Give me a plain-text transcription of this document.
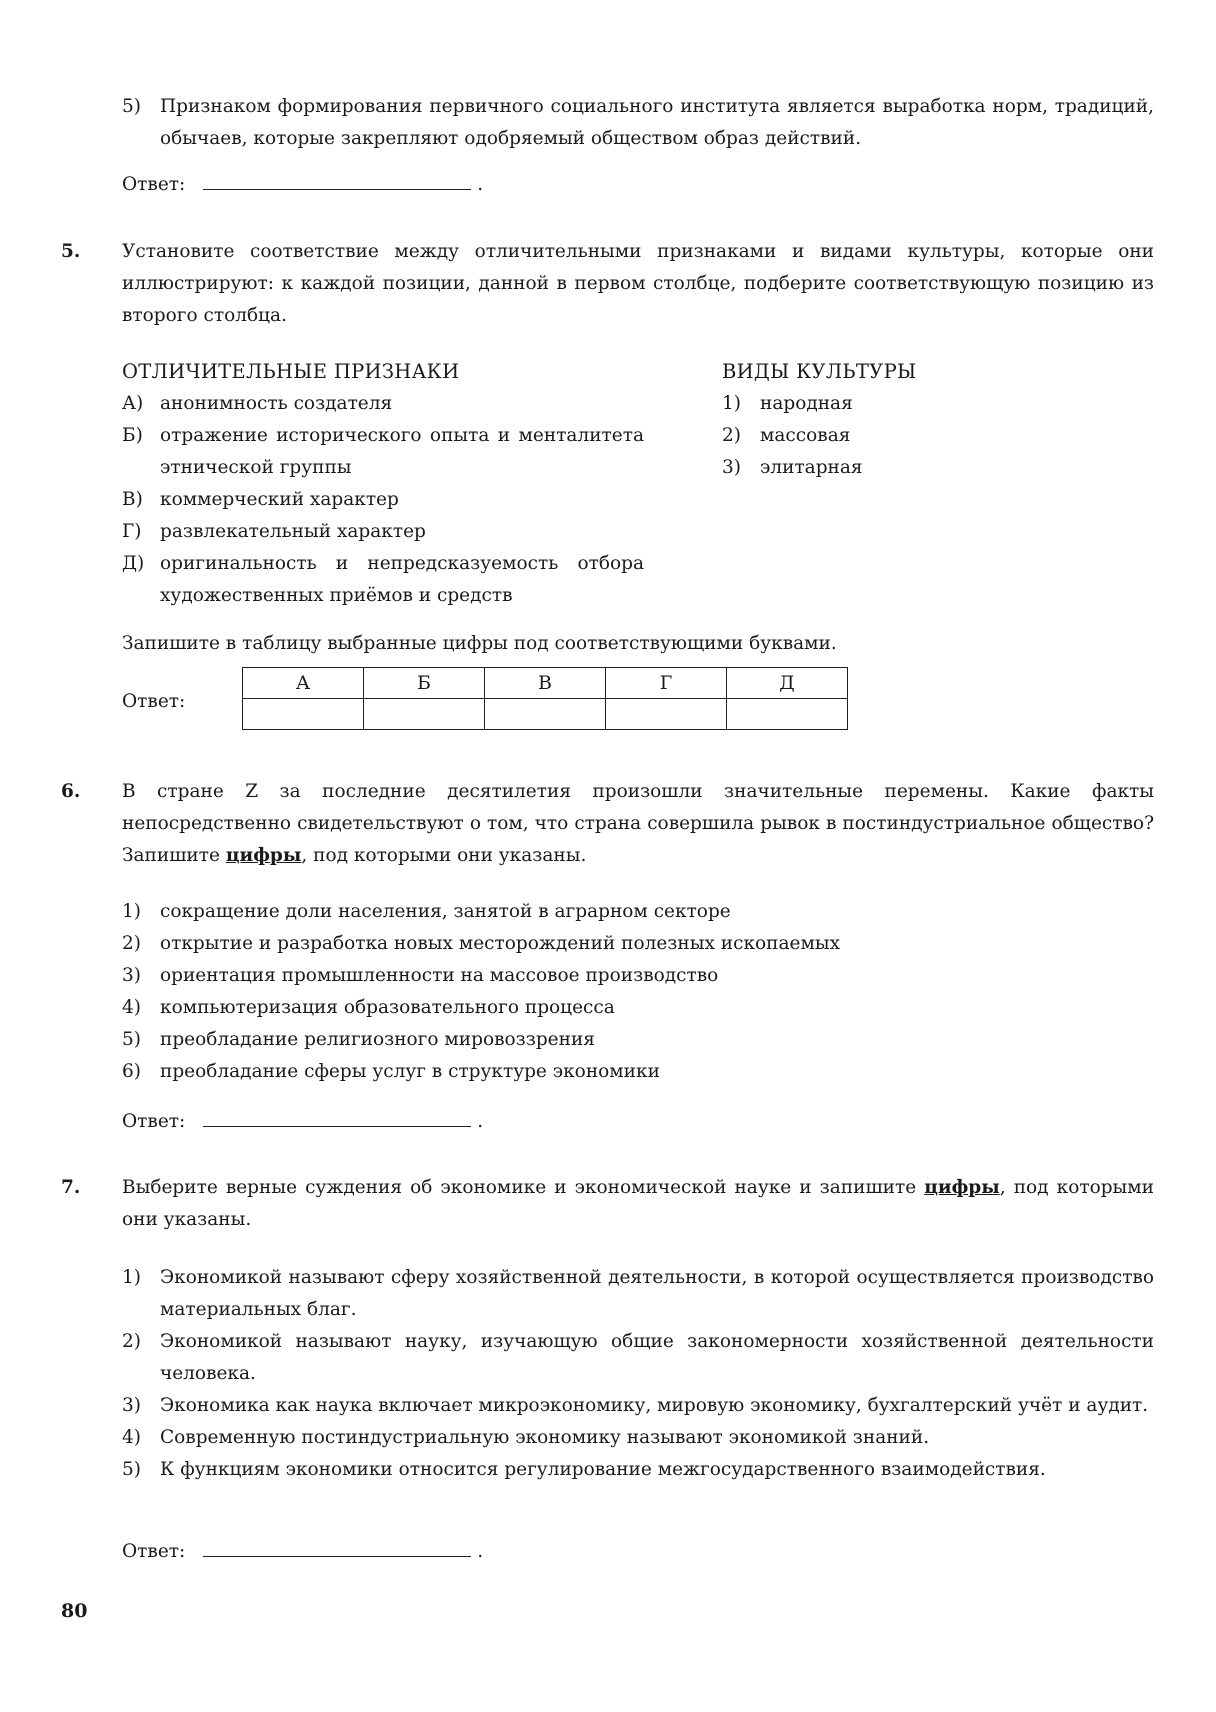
5) Признаком формирования первичного социального института является выработка норм, традиций, обычаев, которые закрепляют одобряемый обществом образ действий.
Ответ:	.
5. Установите соответствие между отличительными признаками и видами культуры, которые они иллюстрируют: к каждой позиции, данной в первом столбце, подберите соответствующую позицию из второго столбца.
ОТЛИЧИТЕЛЬНЫЕ ПРИЗНАКИ	ВИДЫ КУЛЬТУРЫ
А) анонимность создателя
Б) отражение исторического опыта и менталитета этнической группы
В) коммерческий характер
Г) развлекательный характер
Д) оригинальность и непредсказуемость отбора художественных приёмов и средств
1) народная
2) массовая
3) элитарная
Запишите в таблицу выбранные цифры под соответствующими буквами.
Ответ:
А	Б	В	Г	Д

6. В стране Z за последние десятилетия произошли значительные перемены. Какие факты непосредственно свидетельствуют о том, что страна совершила рывок в постиндустриальное общество? Запишите цифры, под которыми они указаны.
1) сокращение доли населения, занятой в аграрном секторе
2) открытие и разработка новых месторождений полезных ископаемых
3) ориентация промышленности на массовое производство
4) компьютеризация образовательного процесса
5) преобладание религиозного мировоззрения
6) преобладание сферы услуг в структуре экономики
Ответ:	.
7. Выберите верные суждения об экономике и экономической науке и запишите цифры, под которыми они указаны.
1) Экономикой называют сферу хозяйственной деятельности, в которой осуществляется производство материальных благ.
2) Экономикой называют науку, изучающую общие закономерности хозяйственной деятельности человека.
3) Экономика как наука включает микроэкономику, мировую экономику, бухгалтерский учёт и аудит.
4) Современную постиндустриальную экономику называют экономикой знаний.
5) К функциям экономики относится регулирование межгосударственного взаимодействия.
Ответ:	.
80
